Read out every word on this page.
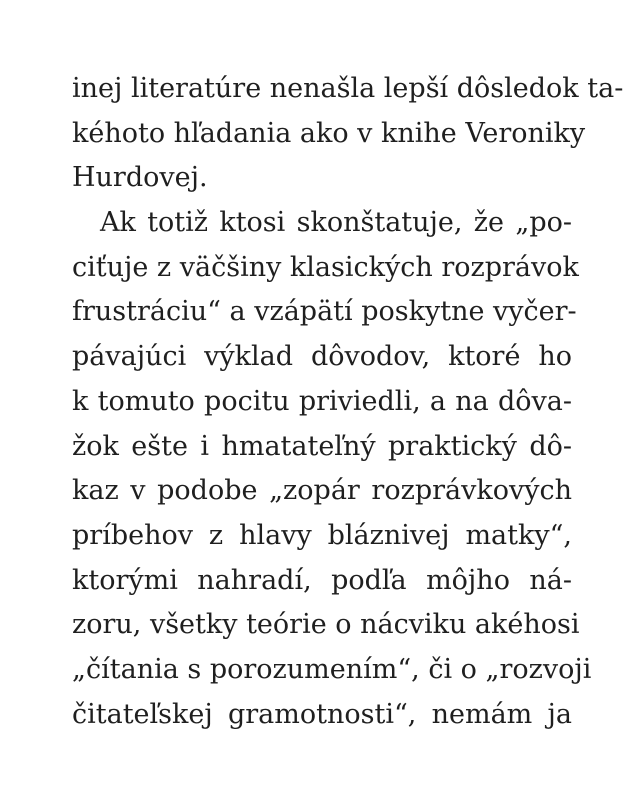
inej literatúre nenašla lepší dôsledok ta-
kéhoto hľadania ako v knihe Veroniky
Hurdovej.
Ak totiž ktosi skonštatuje, že „po-
ciťuje z väčšiny klasických rozprávok
frustráciu“ a vzápätí poskytne vyčer-
pávajúci výklad dôvodov, ktoré ho
k tomuto pocitu priviedli, a na dôva-
žok ešte i hmatateľný praktický dô-
kaz v podobe „zopár rozprávkových
príbehov z hlavy bláznivej matky“,
ktorými nahradí, podľa môjho ná-
zoru, všetky teórie o nácviku akéhosi
„čítania s porozumením“, či o „rozvoji
čitateľskej gramotnosti“, nemám ja
